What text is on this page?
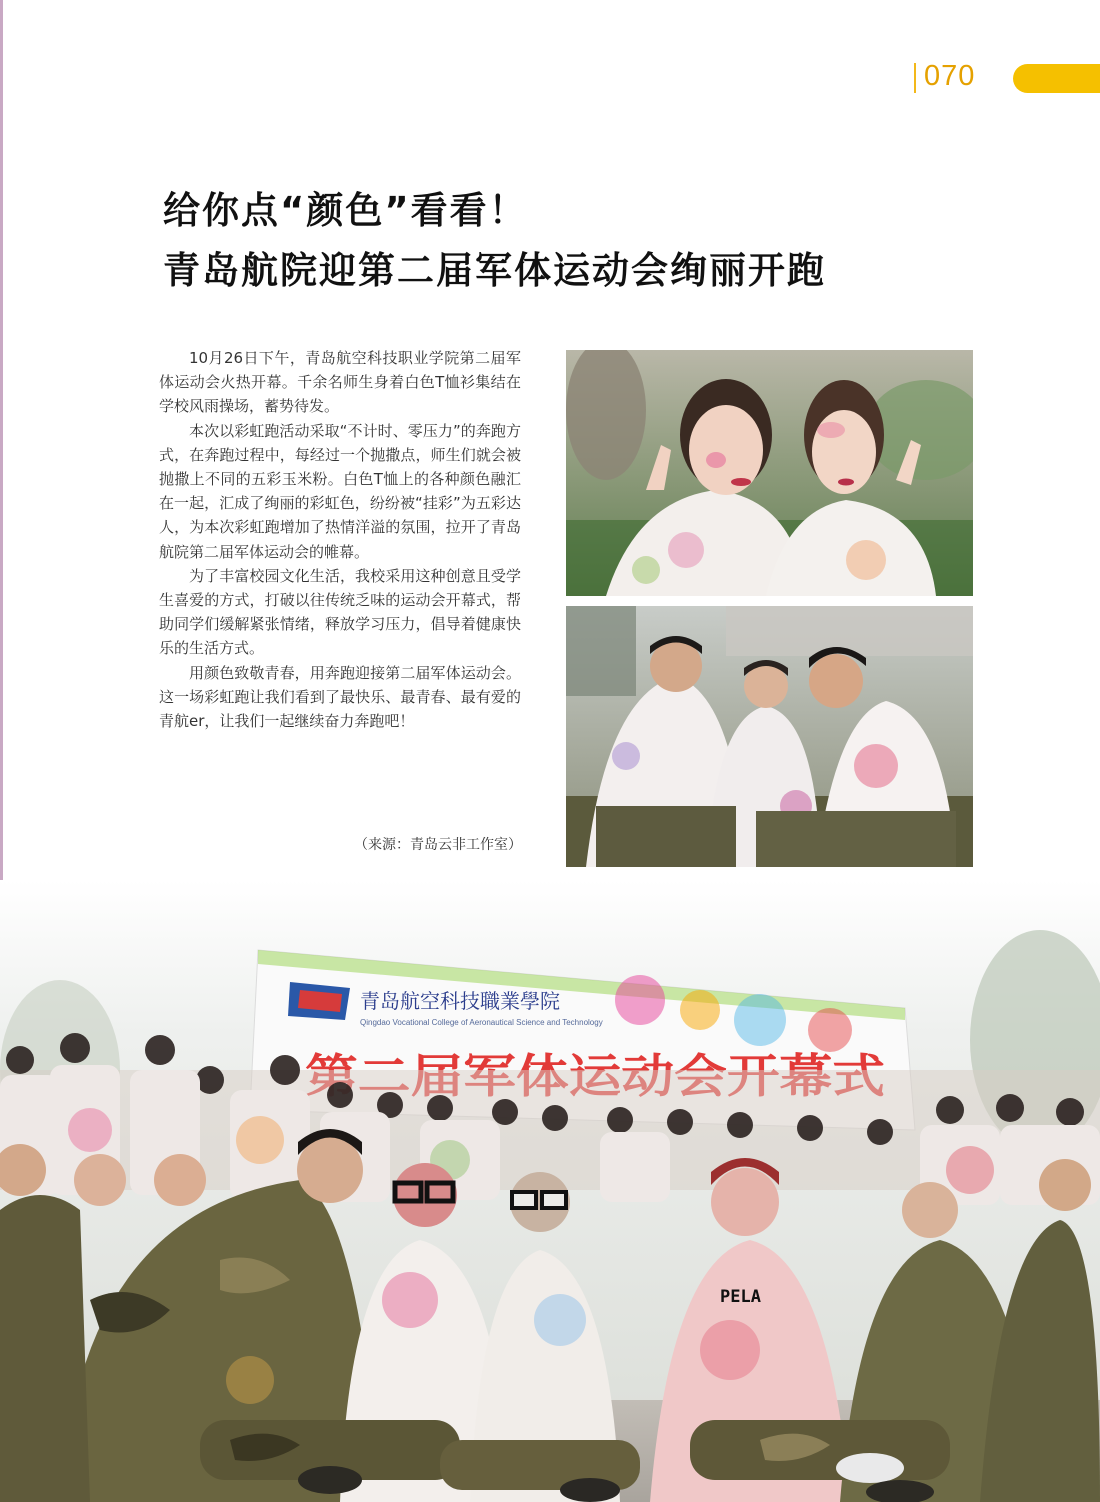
070
给你点“颜色”看看！
青岛航院迎第二届军体运动会绚丽开跑

10月26日下午，青岛航空科技职业学院第二届军体运动会火热开幕。千余名师生身着白色T恤衫集结在学校风雨操场，蓄势待发。

本次以彩虹跑活动采取“不计时、零压力”的奔跑方式，在奔跑过程中，每经过一个抛撒点，师生们就会被抛撒上不同的五彩玉米粉。白色T恤上的各种颜色融汇在一起，汇成了绚丽的彩虹色，纷纷被“挂彩”为五彩达人，为本次彩虹跑增加了热情洋溢的氛围，拉开了青岛航院第二届军体运动会的帷幕。

为了丰富校园文化生活，我校采用这种创意且受学生喜爱的方式，打破以往传统乏味的运动会开幕式，帮助同学们缓解紧张情绪，释放学习压力，倡导着健康快乐的生活方式。

用颜色致敬青春，用奔跑迎接第二届军体运动会。这一场彩虹跑让我们看到了最快乐、最青春、最有爱的青航er，让我们一起继续奋力奔跑吧！

（来源：青岛云非工作室）
青岛航空科技職業學院
Qingdao Vocational College of Aeronautical Science and Technology
PELA
